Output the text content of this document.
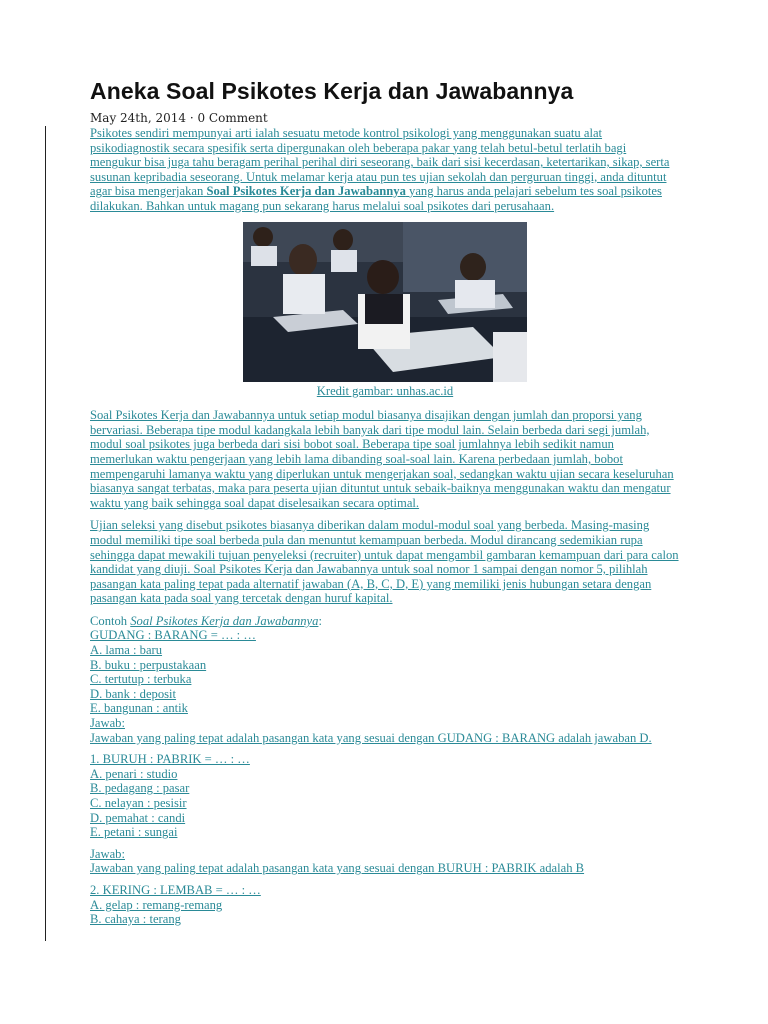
Aneka Soal Psikotes Kerja dan Jawabannya
May 24th, 2014 · 0 Comment

Psikotes sendiri mempunyai arti ialah sesuatu metode kontrol psikologi yang menggunakan suatu alat psikodiagnostik secara spesifik serta dipergunakan oleh beberapa pakar yang telah betul-betul terlatih bagi mengukur bisa juga tahu beragam perihal perihal diri seseorang, baik dari sisi kecerdasan, ketertarikan, sikap, serta susunan kepribadia seseorang. Untuk melamar kerja atau pun tes ujian sekolah dan perguruan tinggi, anda dituntut agar bisa mengerjakan Soal Psikotes Kerja dan Jawabannya yang harus anda pelajari sebelum tes soal psikotes dilakukan. Bahkan untuk magang pun sekarang harus melalui soal psikotes dari perusahaan.

Kredit gambar: unhas.ac.id

Soal Psikotes Kerja dan Jawabannya untuk setiap modul biasanya disajikan dengan jumlah dan proporsi yang bervariasi. Beberapa tipe modul kadangkala lebih banyak dari tipe modul lain. Selain berbeda dari segi jumlah, modul soal psikotes juga berbeda dari sisi bobot soal. Beberapa tipe soal jumlahnya lebih sedikit namun memerlukan waktu pengerjaan yang lebih lama dibanding soal-soal lain. Karena perbedaan jumlah, bobot mempengaruhi lamanya waktu yang diperlukan untuk mengerjakan soal, sedangkan waktu ujian secara keseluruhan biasanya sangat terbatas, maka para peserta ujian dituntut untuk sebaik-baiknya menggunakan waktu dan mengatur waktu yang baik sehingga soal dapat diselesaikan secara optimal.

Ujian seleksi yang disebut psikotes biasanya diberikan dalam modul-modul soal yang berbeda. Masing-masing modul memiliki tipe soal berbeda pula dan menuntut kemampuan berbeda. Modul dirancang sedemikian rupa sehingga dapat mewakili tujuan penyeleksi (recruiter) untuk dapat mengambil gambaran kemampuan dari para calon kandidat yang diuji. Soal Psikotes Kerja dan Jawabannya untuk soal nomor 1 sampai dengan nomor 5, pilihlah pasangan kata paling tepat pada alternatif jawaban (A, B, C, D, E) yang memiliki jenis hubungan setara dengan pasangan kata pada soal yang tercetak dengan huruf kapital.

Contoh Soal Psikotes Kerja dan Jawabannya:
GUDANG : BARANG = … : …
A. lama : baru
B. buku : perpustakaan
C. tertutup : terbuka
D. bank : deposit
E. bangunan : antik
Jawab:
Jawaban yang paling tepat adalah pasangan kata yang sesuai dengan GUDANG : BARANG adalah jawaban D.
1. BURUH : PABRIK = … : …
A. penari : studio
B. pedagang : pasar
C. nelayan : pesisir
D. pemahat : candi
E. petani : sungai
Jawab:
Jawaban yang paling tepat adalah pasangan kata yang sesuai dengan BURUH : PABRIK adalah B
2. KERING : LEMBAB = … : …
A. gelap : remang-remang
B. cahaya : terang
